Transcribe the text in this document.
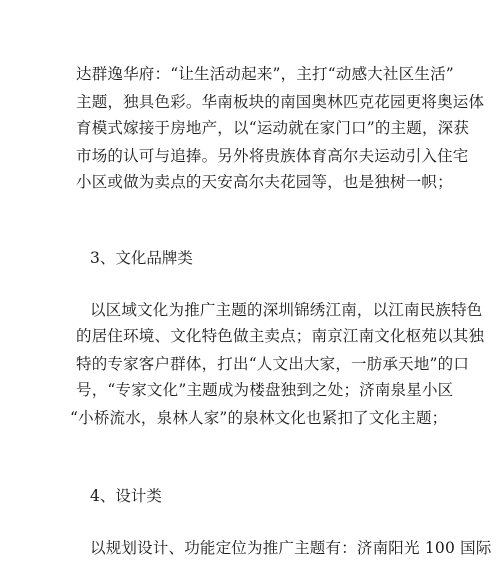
达群逸华府：“让生活动起来”，主打“动感大社区生活”
主题，独具色彩。华南板块的南国奥林匹克花园更将奥运体
育模式嫁接于房地产，以“运动就在家门口”的主题，深获
市场的认可与追捧。另外将贵族体育高尔夫运动引入住宅
小区或做为卖点的天安高尔夫花园等，也是独树一帜；
3、文化品牌类
以区域文化为推广主题的深圳锦绣江南，以江南民族特色
的居住环境、文化特色做主卖点；南京江南文化枢苑以其独
特的专家客户群体，打出“人文出大家，一肪承天地”的口
号，“专家文化”主题成为楼盘独到之处；济南泉星小区
“小桥流水，泉林人家”的泉林文化也紧扣了文化主题；
4、设计类
以规划设计、功能定位为推广主题有：济南阳光 100 国际
